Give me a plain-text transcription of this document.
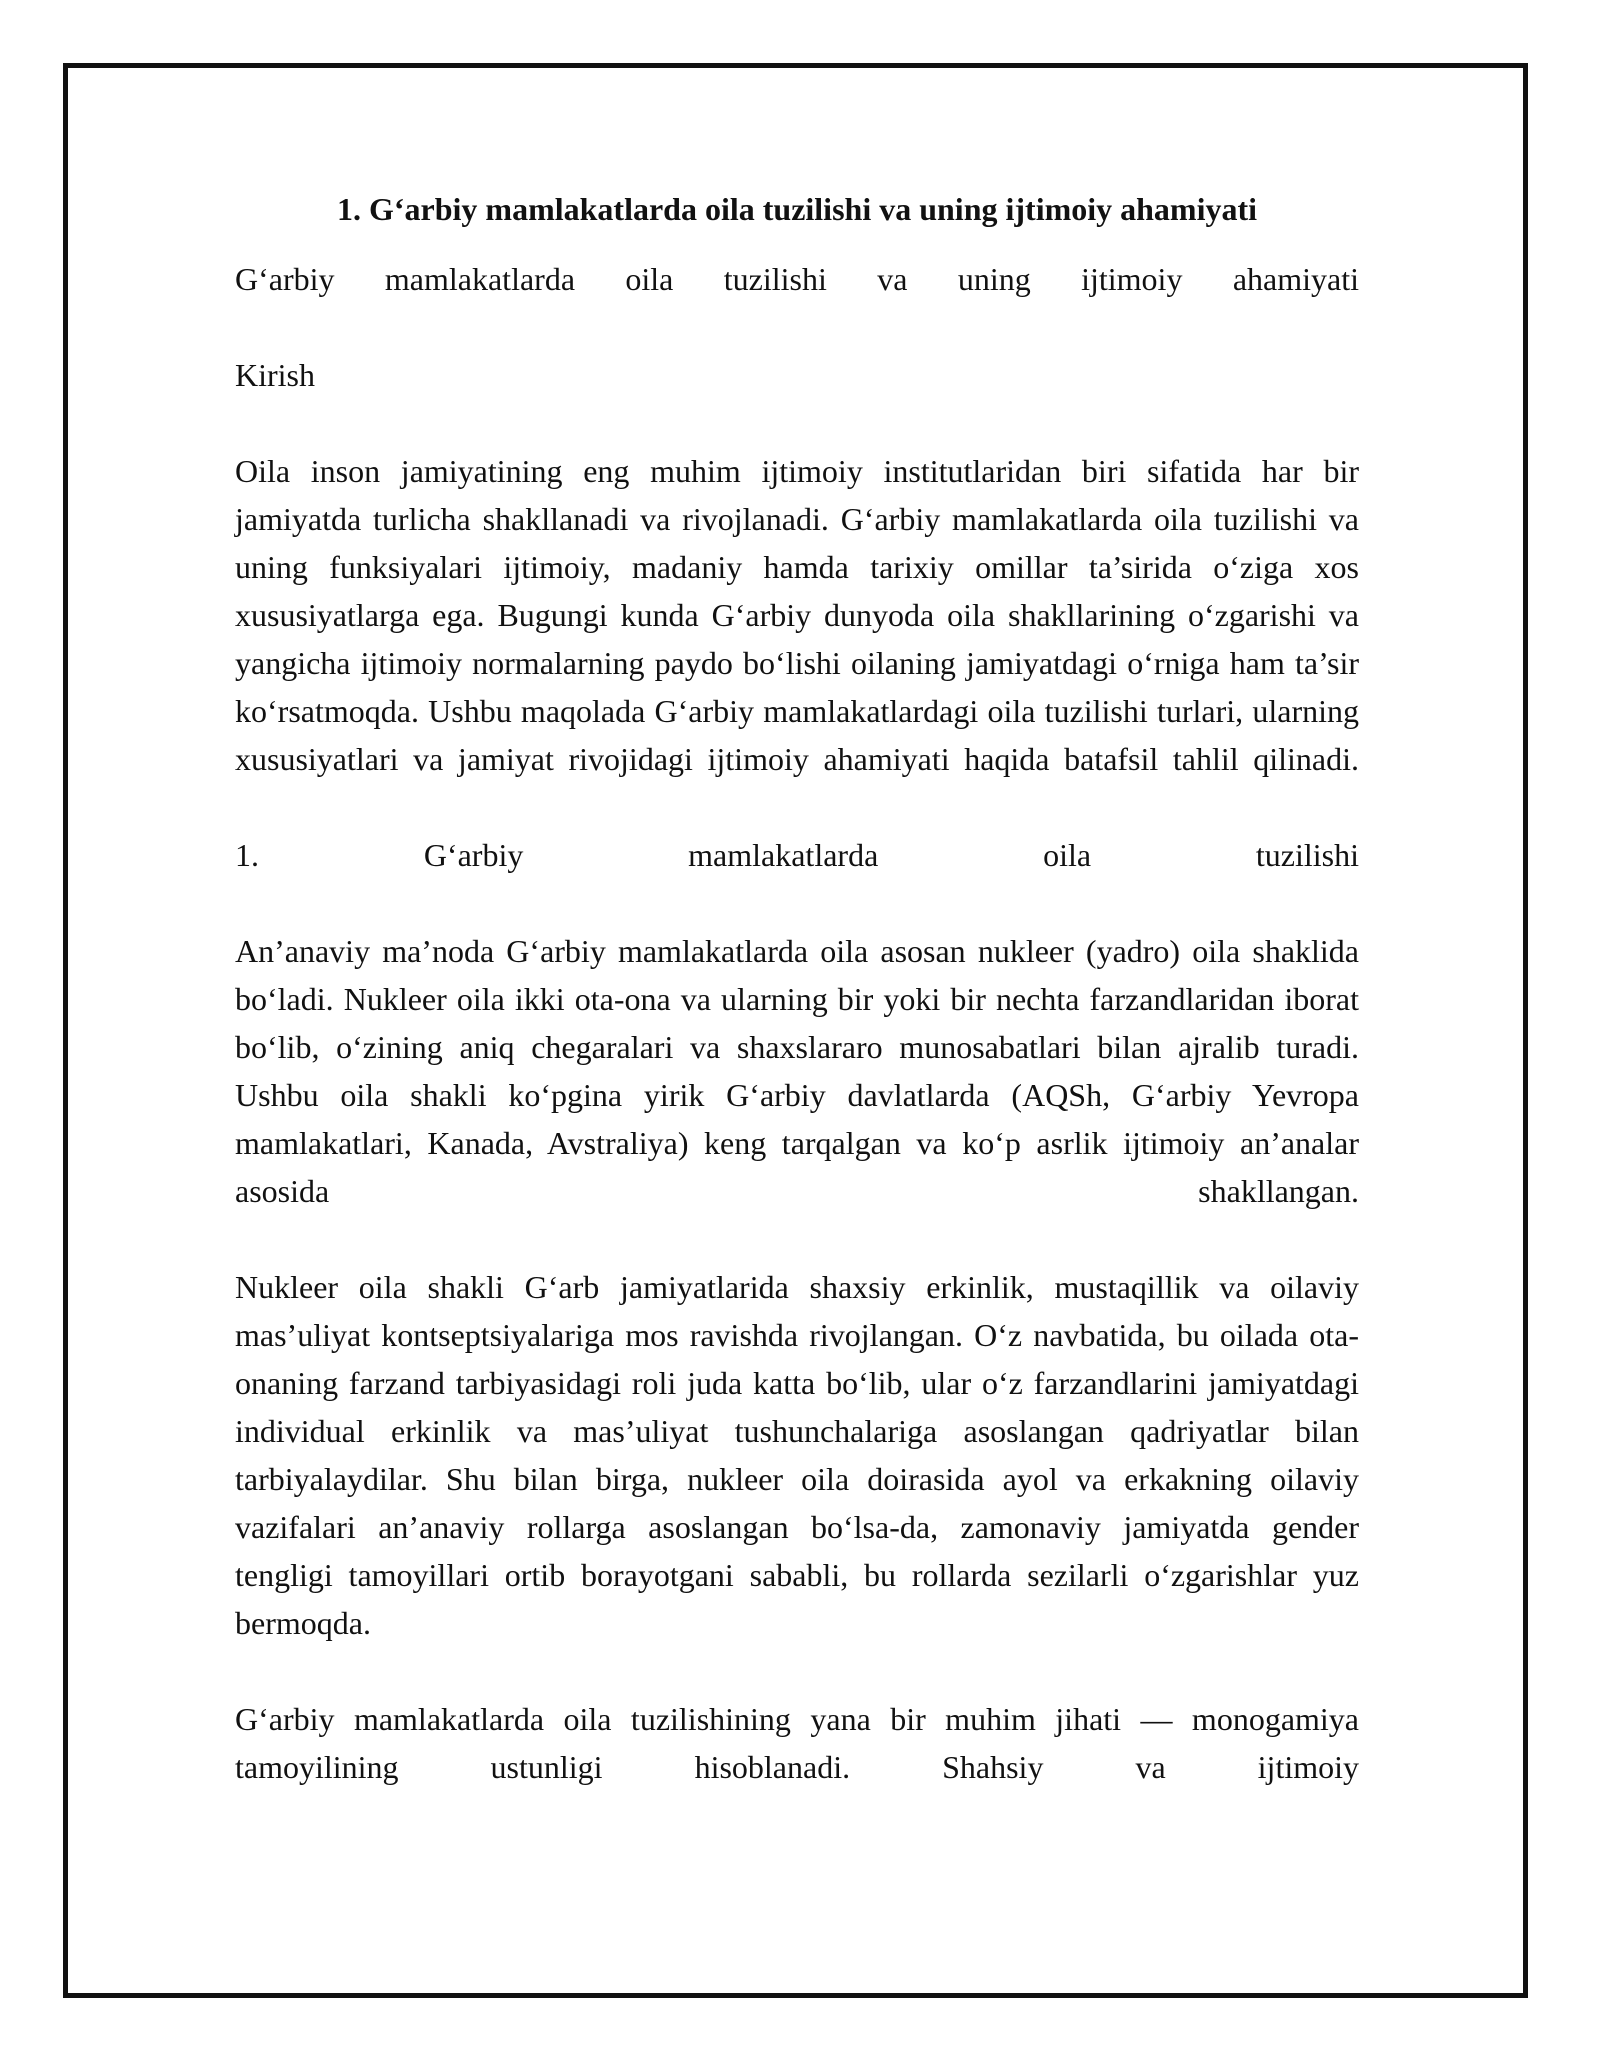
1. G‘arbiy mamlakatlarda oila tuzilishi va uning ijtimoiy ahamiyati

G‘arbiy mamlakatlarda oila tuzilishi va uning ijtimoiy ahamiyati

Kirish

Oila inson jamiyatining eng muhim ijtimoiy institutlaridan biri sifatida har bir jamiyatda turlicha shakllanadi va rivojlanadi. G‘arbiy mamlakatlarda oila tuzilishi va uning funksiyalari ijtimoiy, madaniy hamda tarixiy omillar ta’sirida o‘ziga xos xususiyatlarga ega. Bugungi kunda G‘arbiy dunyoda oila shakllarining o‘zgarishi va yangicha ijtimoiy normalarning paydo bo‘lishi oilaning jamiyatdagi o‘rniga ham ta’sir ko‘rsatmoqda. Ushbu maqolada G‘arbiy mamlakatlardagi oila tuzilishi turlari, ularning xususiyatlari va jamiyat rivojidagi ijtimoiy ahamiyati haqida batafsil tahlil qilinadi.

1. G‘arbiy mamlakatlarda oila tuzilishi

An’anaviy ma’noda G‘arbiy mamlakatlarda oila asosan nukleer (yadro) oila shaklida bo‘ladi. Nukleer oila ikki ota-ona va ularning bir yoki bir nechta farzandlaridan iborat bo‘lib, o‘zining aniq chegaralari va shaxslararo munosabatlari bilan ajralib turadi. Ushbu oila shakli ko‘pgina yirik G‘arbiy davlatlarda (AQSh, G‘arbiy Yevropa mamlakatlari, Kanada, Avstraliya) keng tarqalgan va ko‘p asrlik ijtimoiy an’analar asosida shakllangan.

Nukleer oila shakli G‘arb jamiyatlarida shaxsiy erkinlik, mustaqillik va oilaviy mas’uliyat kontseptsiyalariga mos ravishda rivojlangan. O‘z navbatida, bu oilada ota-onaning farzand tarbiyasidagi roli juda katta bo‘lib, ular o‘z farzandlarini jamiyatdagi individual erkinlik va mas’uliyat tushunchalariga asoslangan qadriyatlar bilan tarbiyalaydilar. Shu bilan birga, nukleer oila doirasida ayol va erkakning oilaviy vazifalari an’anaviy rollarga asoslangan bo‘lsa-da, zamonaviy jamiyatda gender tengligi tamoyillari ortib borayotgani sababli, bu rollarda sezilarli o‘zgarishlar yuz bermoqda.

G‘arbiy mamlakatlarda oila tuzilishining yana bir muhim jihati — monogamiya tamoyilining ustunligi hisoblanadi. Shahsiy va ijtimoiy
